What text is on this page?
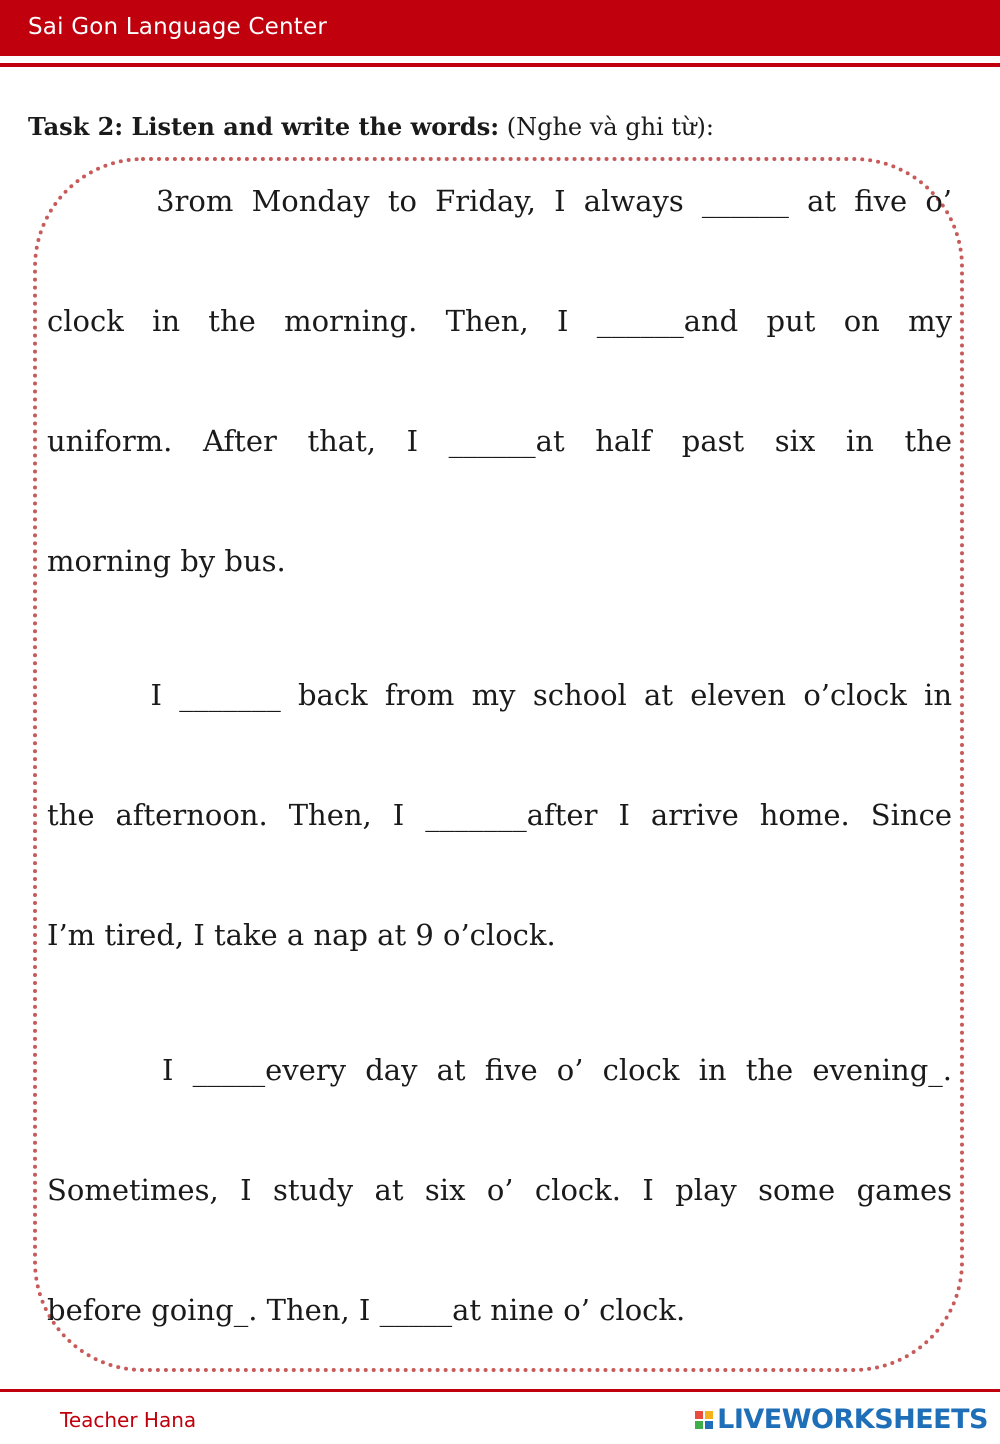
Sai Gon Language Center
Task 2: Listen and write the words: (Nghe và ghi từ):
3rom Monday to Friday, I always ______ at five o’
clock in the morning. Then, I ______and put on my
uniform. After that, I ______at half past six in the
morning by bus.
I _______ back from my school at eleven o’clock in
the afternoon. Then, I _______after I arrive home. Since
I’m tired, I take a nap at 9 o’clock.
I _____every day at five o’ clock in the evening_.
Sometimes, I study at six o’ clock. I play some games
before going_. Then, I _____at nine o’ clock.
Teacher Hana	LIVEWORKSHEETS
